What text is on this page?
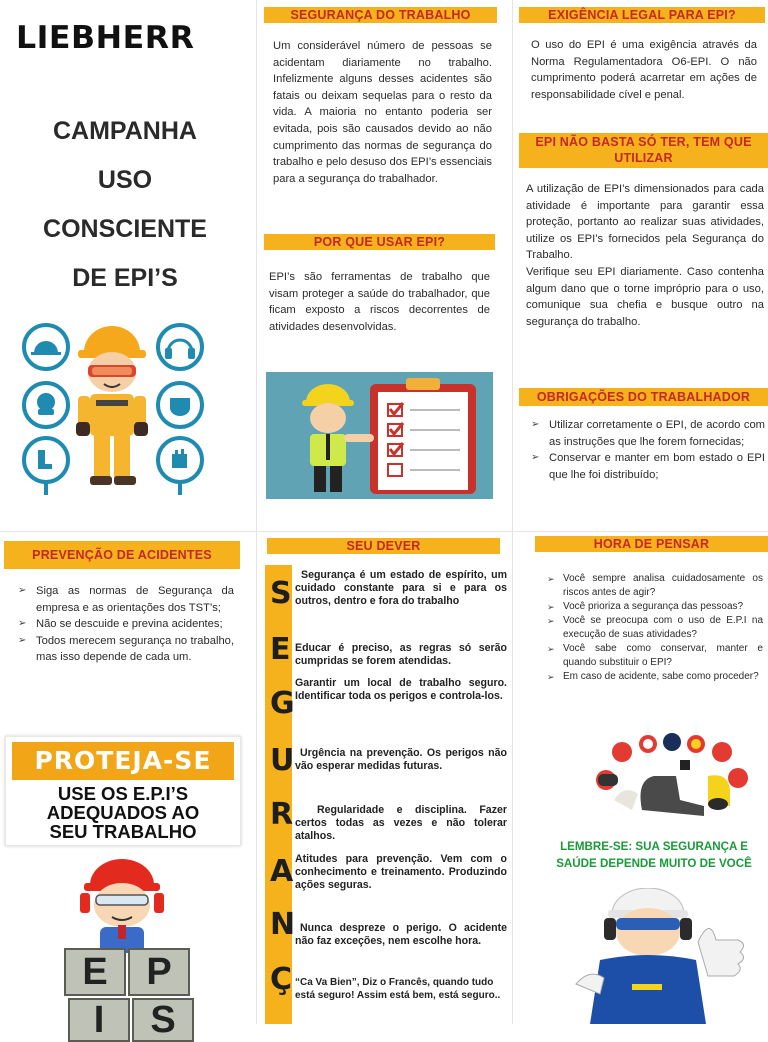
LIEBHERR
CAMPANHA
USO
CONSCIENTE
DE EPI’S
SEGURANÇA DO TRABALHO
Um considerável número de pessoas se acidentam diariamente no trabalho. Infelizmente alguns desses acidentes são fatais ou deixam sequelas para o resto da vida. A maioria no entanto poderia ser evitada, pois são causados devido ao não cumprimento das normas de segurança do trabalho e pelo desuso dos EPI’s essenciais para a segurança do trabalhador.
POR QUE USAR EPI?
EPI’s são ferramentas de trabalho que visam proteger a saúde do trabalhador, que ficam exposto a riscos decorrentes de atividades desenvolvidas.
EXIGÊNCIA LEGAL PARA EPI?
O uso do EPI é uma exigência através da Norma Regulamentadora O6-EPI. O não cumprimento poderá acarretar em ações de responsabilidade cível e penal.
EPI NÃO BASTA SÓ TER, TEM QUE UTILIZAR
A utilização de EPI’s dimensionados para cada atividade é importante para garantir essa proteção, portanto ao realizar suas atividades, utilize os EPI’s fornecidos pela Segurança do Trabalho.
Verifique seu EPI diariamente. Caso contenha algum dano que o torne impróprio para o uso, comunique sua chefia e busque outro na segurança do trabalho.
OBRIGAÇÕES DO TRABALHADOR
➢ Utilizar corretamente o EPI, de acordo com as instruções que lhe forem fornecidas;
➢ Conservar e manter em bom estado o EPI que lhe foi distribuído;
PREVENÇÃO DE ACIDENTES
➢ Siga as normas de Segurança da empresa e as orientações dos TST’s;
➢ Não se descuide e previna acidentes;
➢ Todos merecem segurança no trabalho, mas isso depende de cada um.
PROTEJA-SE
USE OS E.P.I’S
ADEQUADOS AO
SEU TRABALHO
E	P
I	S
SEU DEVER
S
E
G
U
R
A
N
Ç
Segurança é um estado de espírito, um cuidado constante para si e para os outros, dentro e fora do trabalho
Educar é preciso, as regras só serão cumpridas se forem atendidas.
Garantir um local de trabalho seguro. Identificar toda os perigos e controla-los.
Urgência na prevenção. Os perigos não vão esperar medidas futuras.
Regularidade e disciplina. Fazer certos todas as vezes e não tolerar atalhos.
Atitudes para prevenção. Vem com o conhecimento e treinamento. Produzindo ações seguras.
Nunca despreze o perigo. O acidente não faz exceções, nem escolhe hora.
“Ca Va Bien”, Diz o Francês, quando tudo está seguro! Assim está bem, está seguro..
HORA DE PENSAR
➢ Você sempre analisa cuidadosamente os riscos antes de agir?
➢ Você prioriza a segurança das pessoas?
➢ Você se preocupa com o uso de E.P.I na execução de suas atividades?
➢ Você sabe como conservar, manter e quando substituir o EPI?
➢ Em caso de acidente, sabe como proceder?
LEMBRE-SE: SUA SEGURANÇA E
SAÚDE DEPENDE MUITO DE VOCÊ
